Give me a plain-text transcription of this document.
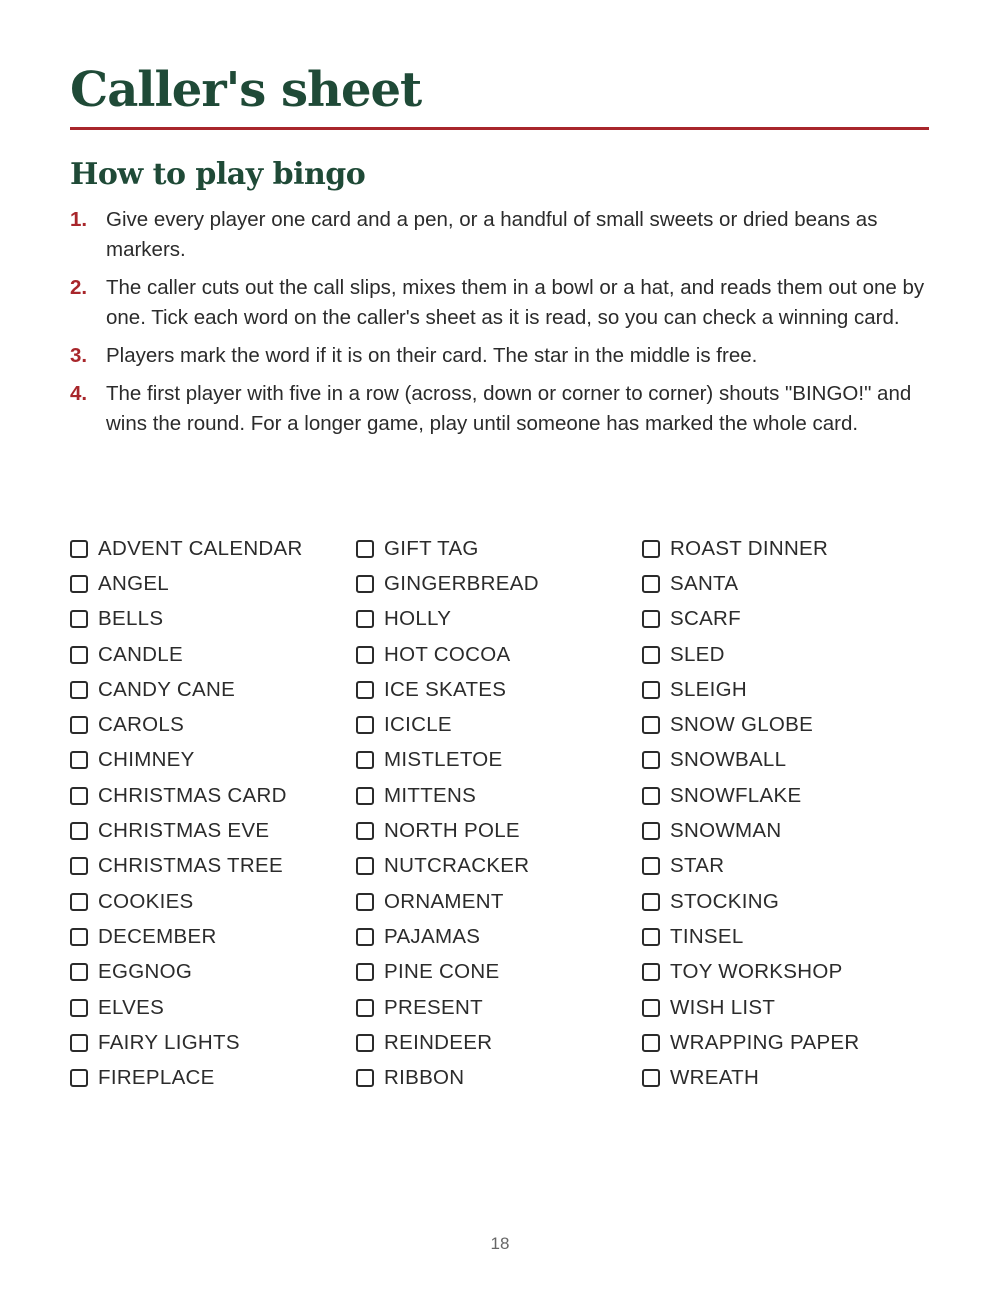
Caller's sheet
How to play bingo
1. Give every player one card and a pen, or a handful of small sweets or dried beans as markers.
2. The caller cuts out the call slips, mixes them in a bowl or a hat, and reads them out one by one. Tick each word on the caller's sheet as it is read, so you can check a winning card.
3. Players mark the word if it is on their card. The star in the middle is free.
4. The first player with five in a row (across, down or corner to corner) shouts "BINGO!" and wins the round. For a longer game, play until someone has marked the whole card.
ADVENT CALENDAR
ANGEL
BELLS
CANDLE
CANDY CANE
CAROLS
CHIMNEY
CHRISTMAS CARD
CHRISTMAS EVE
CHRISTMAS TREE
COOKIES
DECEMBER
EGGNOG
ELVES
FAIRY LIGHTS
FIREPLACE
GIFT TAG
GINGERBREAD
HOLLY
HOT COCOA
ICE SKATES
ICICLE
MISTLETOE
MITTENS
NORTH POLE
NUTCRACKER
ORNAMENT
PAJAMAS
PINE CONE
PRESENT
REINDEER
RIBBON
ROAST DINNER
SANTA
SCARF
SLED
SLEIGH
SNOW GLOBE
SNOWBALL
SNOWFLAKE
SNOWMAN
STAR
STOCKING
TINSEL
TOY WORKSHOP
WISH LIST
WRAPPING PAPER
WREATH
18
